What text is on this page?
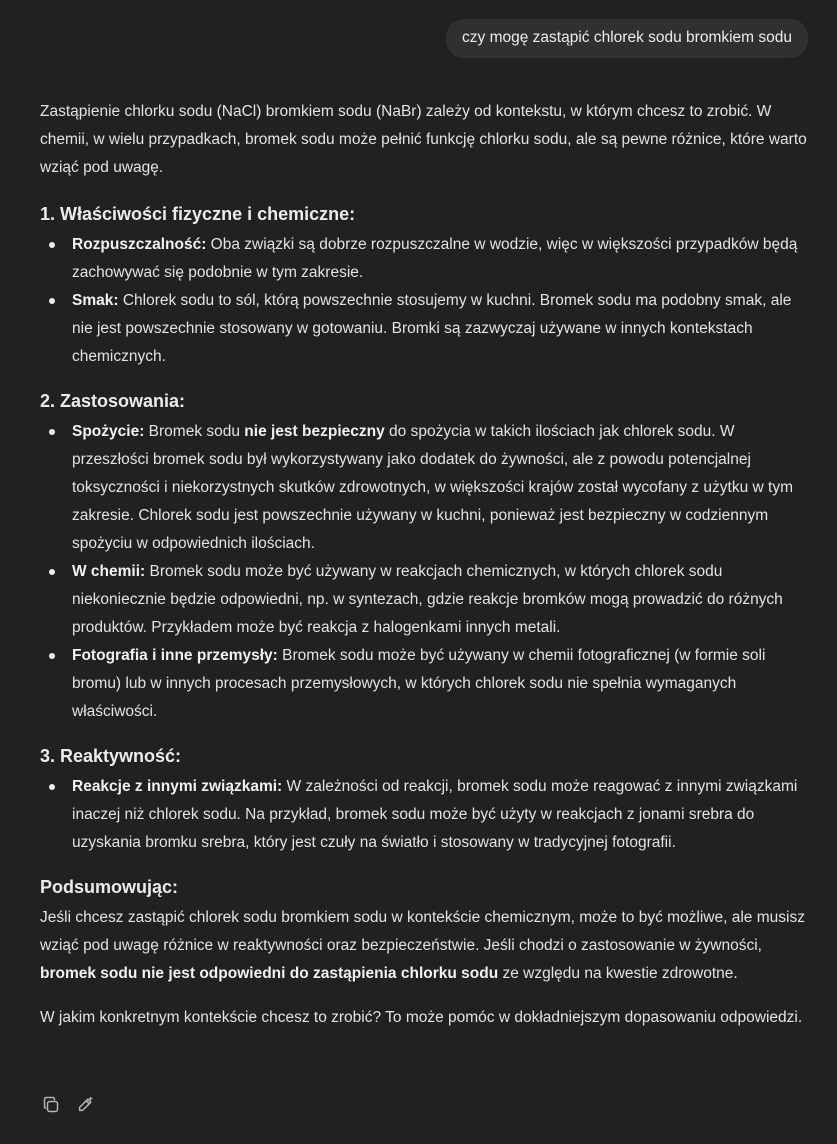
czy mogę zastąpić chlorek sodu bromkiem sodu

Zastąpienie chlorku sodu (NaCl) bromkiem sodu (NaBr) zależy od kontekstu, w którym chcesz to zrobić. W chemii, w wielu przypadkach, bromek sodu może pełnić funkcję chlorku sodu, ale są pewne różnice, które warto wziąć pod uwagę.

1. Właściwości fizyczne i chemiczne:
Rozpuszczalność: Oba związki są dobrze rozpuszczalne w wodzie, więc w większości przypadków będą zachowywać się podobnie w tym zakresie.
Smak: Chlorek sodu to sól, którą powszechnie stosujemy w kuchni. Bromek sodu ma podobny smak, ale nie jest powszechnie stosowany w gotowaniu. Bromki są zazwyczaj używane w innych kontekstach chemicznych.
2. Zastosowania:
Spożycie: Bromek sodu nie jest bezpieczny do spożycia w takich ilościach jak chlorek sodu. W przeszłości bromek sodu był wykorzystywany jako dodatek do żywności, ale z powodu potencjalnej toksyczności i niekorzystnych skutków zdrowotnych, w większości krajów został wycofany z użytku w tym zakresie. Chlorek sodu jest powszechnie używany w kuchni, ponieważ jest bezpieczny w codziennym spożyciu w odpowiednich ilościach.
W chemii: Bromek sodu może być używany w reakcjach chemicznych, w których chlorek sodu niekoniecznie będzie odpowiedni, np. w syntezach, gdzie reakcje bromków mogą prowadzić do różnych produktów. Przykładem może być reakcja z halogenkami innych metali.
Fotografia i inne przemysły: Bromek sodu może być używany w chemii fotograficznej (w formie soli bromu) lub w innych procesach przemysłowych, w których chlorek sodu nie spełnia wymaganych właściwości.
3. Reaktywność:
Reakcje z innymi związkami: W zależności od reakcji, bromek sodu może reagować z innymi związkami inaczej niż chlorek sodu. Na przykład, bromek sodu może być użyty w reakcjach z jonami srebra do uzyskania bromku srebra, który jest czuły na światło i stosowany w tradycyjnej fotografii.
Podsumowując:

Jeśli chcesz zastąpić chlorek sodu bromkiem sodu w kontekście chemicznym, może to być możliwe, ale musisz wziąć pod uwagę różnice w reaktywności oraz bezpieczeństwie. Jeśli chodzi o zastosowanie w żywności, bromek sodu nie jest odpowiedni do zastąpienia chlorku sodu ze względu na kwestie zdrowotne.

W jakim konkretnym kontekście chcesz to zrobić? To może pomóc w dokładniejszym dopasowaniu odpowiedzi.
